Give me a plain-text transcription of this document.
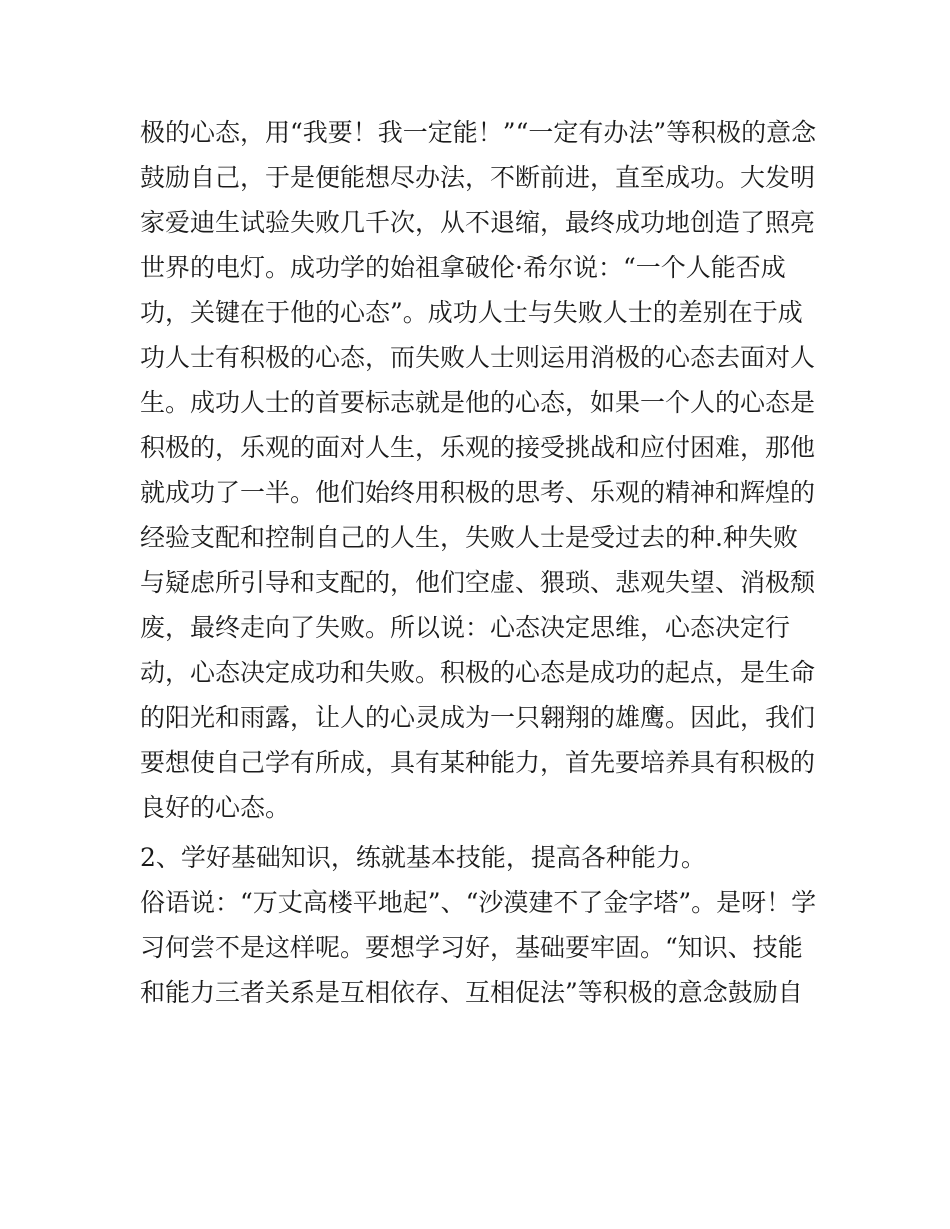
极的心态，用“我要！我一定能！”“一定有办法”等积极的意念
鼓励自己，于是便能想尽办法，不断前进，直至成功。大发明
家爱迪生试验失败几千次，从不退缩，最终成功地创造了照亮
世界的电灯。成功学的始祖拿破伦·希尔说：“一个人能否成
功，关键在于他的心态”。成功人士与失败人士的差别在于成
功人士有积极的心态，而失败人士则运用消极的心态去面对人
生。成功人士的首要标志就是他的心态，如果一个人的心态是
积极的，乐观的面对人生，乐观的接受挑战和应付困难，那他
就成功了一半。他们始终用积极的思考、乐观的精神和辉煌的
经验支配和控制自己的人生，失败人士是受过去的种.种失败
与疑虑所引导和支配的，他们空虚、猥琐、悲观失望、消极颓
废，最终走向了失败。所以说：心态决定思维，心态决定行
动，心态决定成功和失败。积极的心态是成功的起点，是生命
的阳光和雨露，让人的心灵成为一只翱翔的雄鹰。因此，我们
要想使自己学有所成，具有某种能力，首先要培养具有积极的
良好的心态。
2、学好基础知识，练就基本技能，提高各种能力。
俗语说：“万丈高楼平地起”、“沙漠建不了金字塔”。是呀！学
习何尝不是这样呢。要想学习好，基础要牢固。“知识、技能
和能力三者关系是互相依存、互相促法”等积极的意念鼓励自
